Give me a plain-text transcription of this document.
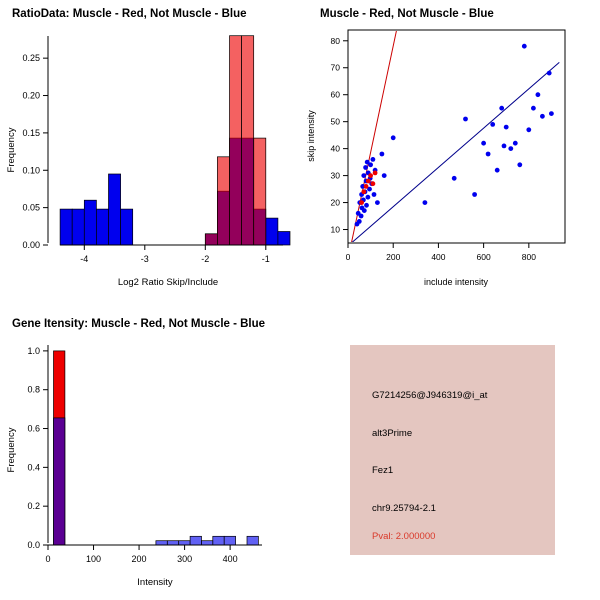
RatioData: Muscle - Red, Not Muscle - Blue
0.00
0.05
0.10
0.15
0.20
0.25
-4	-3	-2	-1
Frequency
Log2 Ratio Skip/Include
Muscle - Red, Not Muscle - Blue
10
20
30
40
50
60
70
80
0	200	400	600	800
skip intensity
include intensity
Gene Itensity: Muscle - Red, Not Muscle - Blue
0.0
0.2
0.4
0.6
0.8
1.0
0	100	200	300	400
Frequency
Intensity
G7214256@J946319@i_at
alt3Prime
Fez1
chr9.25794-2.1
Pval: 2.000000
